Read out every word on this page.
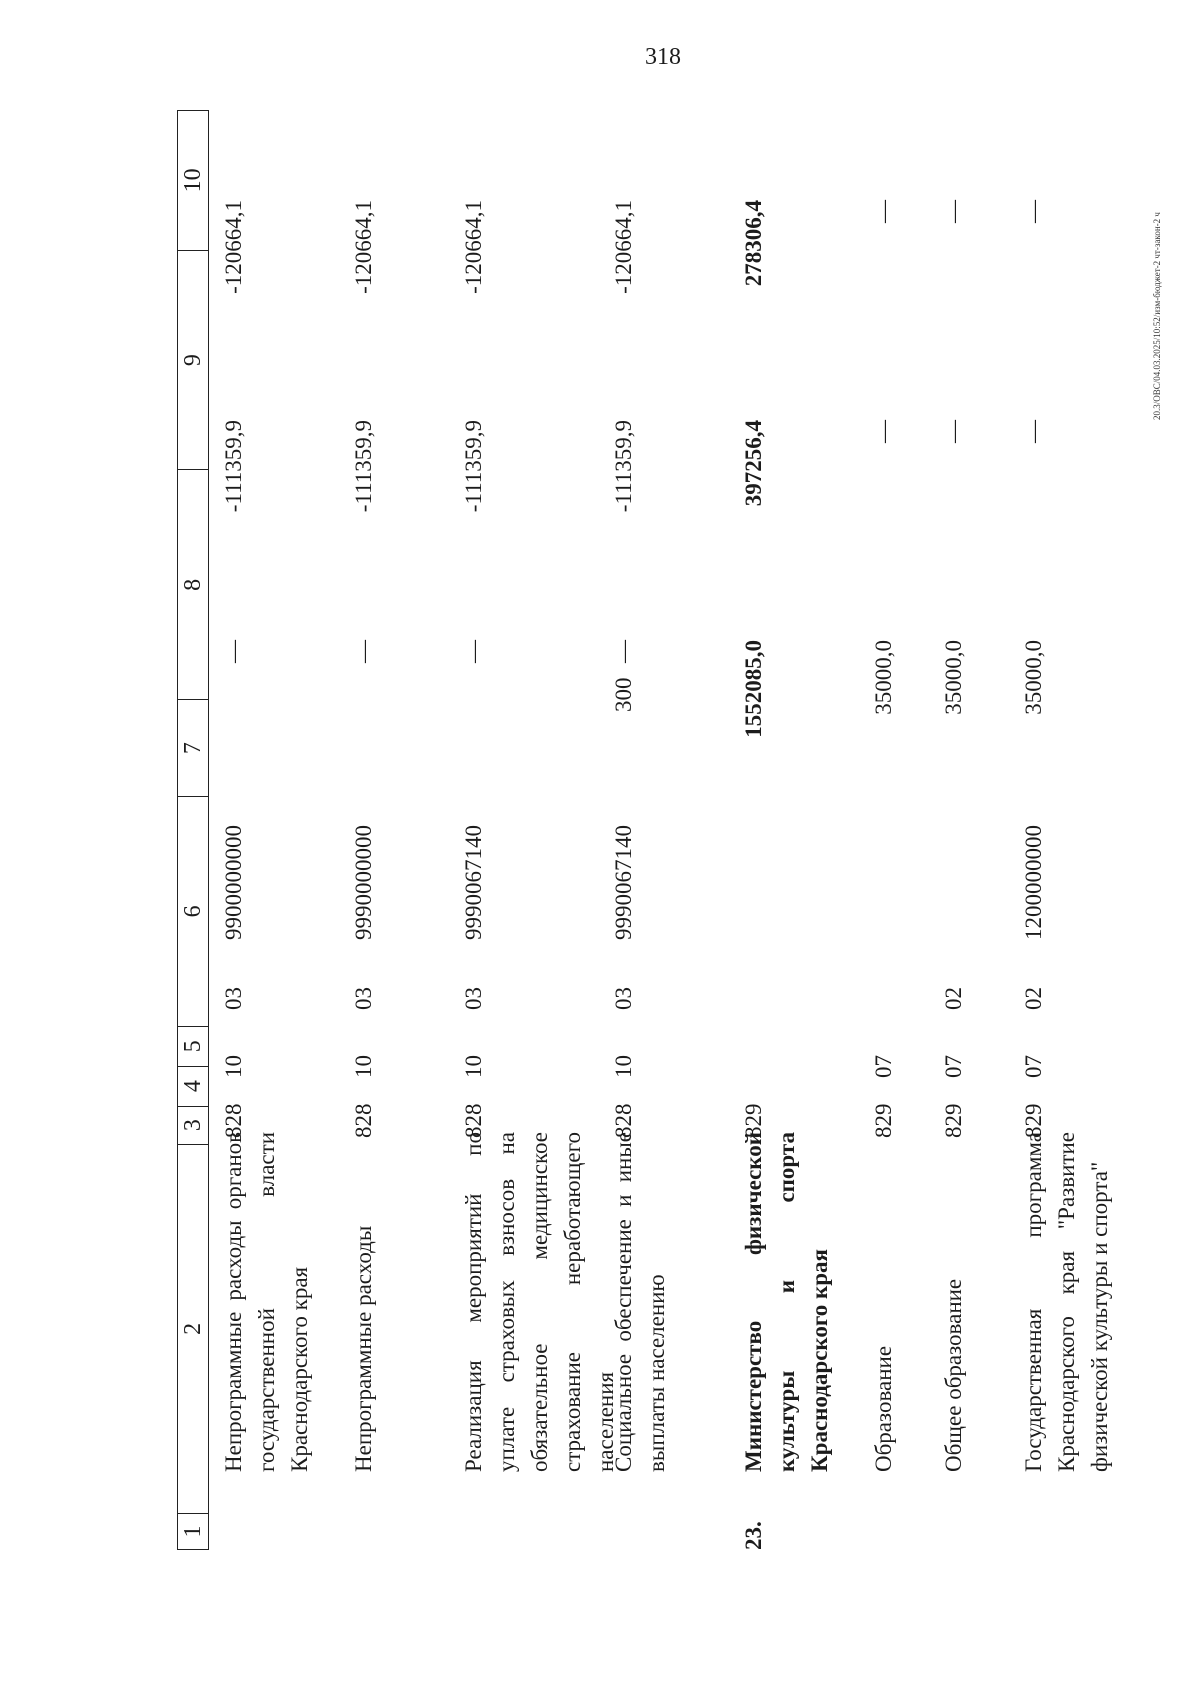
318
20.3/ОВС/04.03.2025/10:52/изм-бюджет-2 чт-закон-2 ч
1
2
3
4
5
6
7
8
9
10
Непрограммные расходы органов государственной власти Краснодарского края
828
10
03
9900000000
—
-111359,9
-120664,1
Непрограммные расходы
828
10
03
9990000000
—
-111359,9
-120664,1
Реализация мероприятий по уплате страховых взносов на обязательное медицинское страхование неработающего населения
828
10
03
9990067140
—
-111359,9
-120664,1
Социальное обеспечение и иные выплаты населению
828
10
03
9990067140
300
—
-111359,9
-120664,1
23.
Министерство физической культуры и спорта Краснодарского края
829
1552085,0
397256,4
278306,4
Образование
829
07
35000,0
—
—
Общее образование
829
07
02
35000,0
—
—
Государственная программа Краснодарского края "Развитие физической культуры и спорта"
829
07
02
1200000000
35000,0
—
—
